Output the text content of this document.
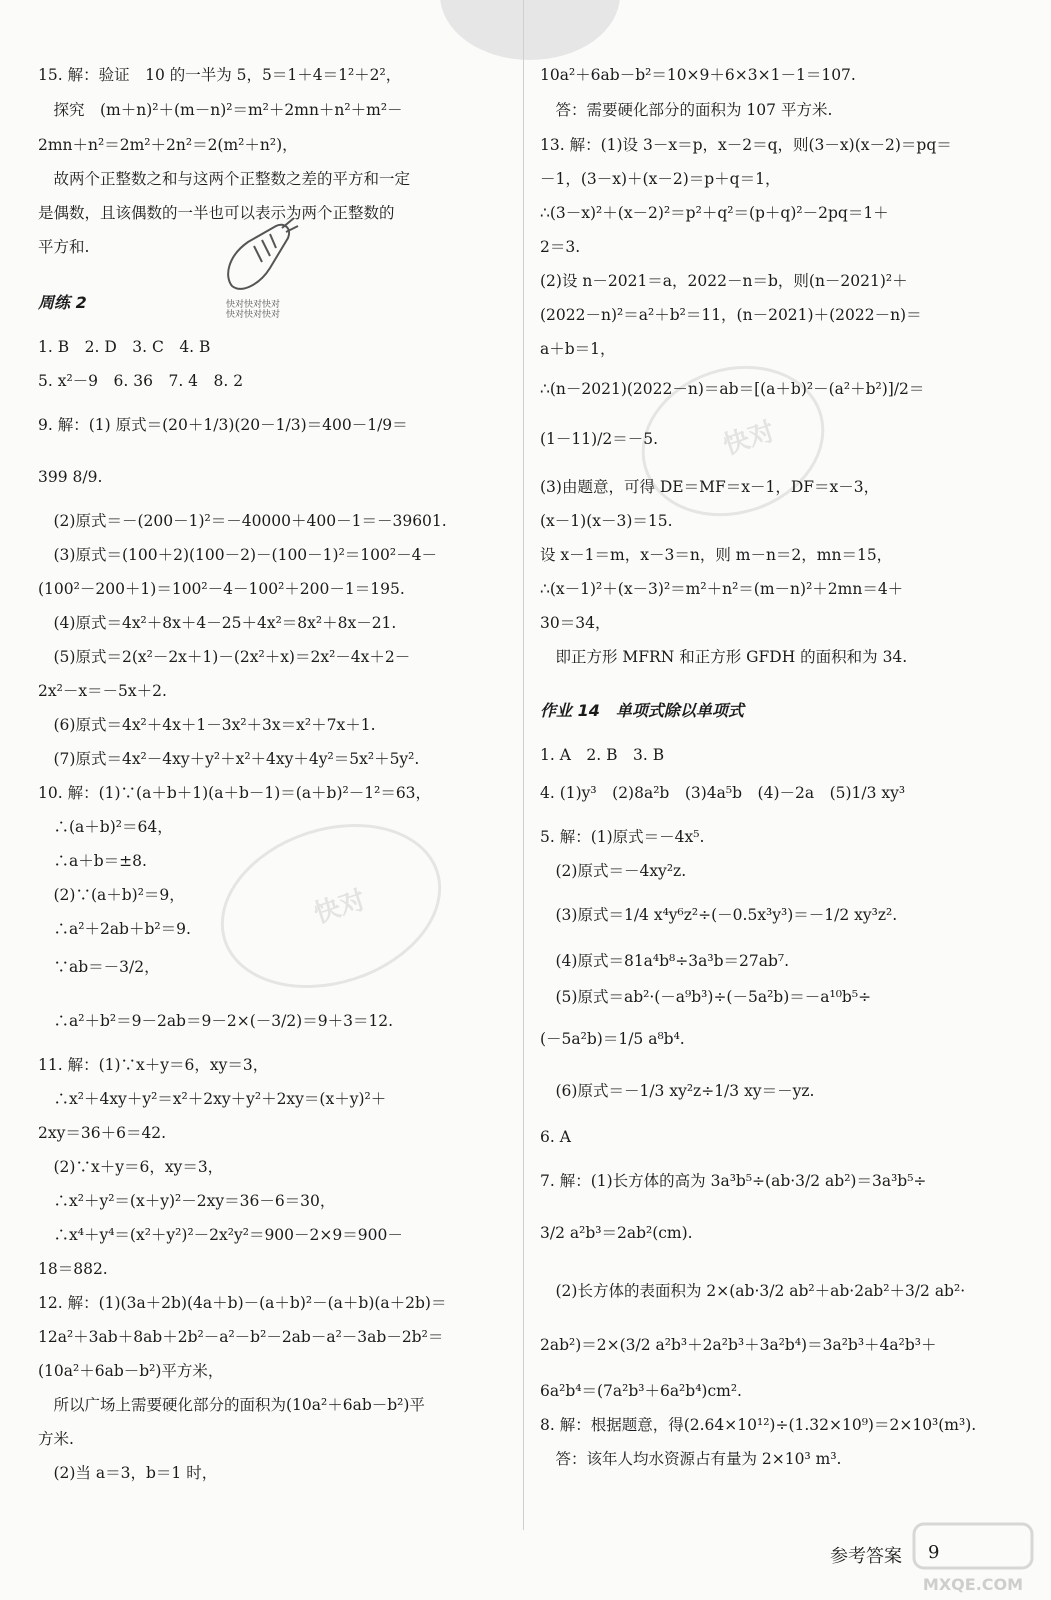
快对
快对
快对快对快对
快对快对快对
15. 解：验证　10 的一半为 5，5＝1＋4＝1²＋2²，
　探究　(m＋n)²＋(m－n)²＝m²＋2mn＋n²＋m²－
2mn＋n²＝2m²＋2n²＝2(m²＋n²)，
　故两个正整数之和与这两个正整数之差的平方和一定
是偶数，且该偶数的一半也可以表示为两个正整数的
平方和.
周练 2
1. B　2. D　3. C　4. B
5. x²－9　6. 36　7. 4　8. 2
9. 解：(1) 原式＝(20＋1/3)(20－1/3)＝400－1/9＝
399 8/9.
　(2)原式＝－(200－1)²＝－40000＋400－1＝－39601.
　(3)原式＝(100＋2)(100－2)－(100－1)²＝100²－4－
(100²－200＋1)＝100²－4－100²＋200－1＝195.
　(4)原式＝4x²＋8x＋4－25＋4x²＝8x²＋8x－21.
　(5)原式＝2(x²－2x＋1)－(2x²＋x)＝2x²－4x＋2－
2x²－x＝－5x＋2.
　(6)原式＝4x²＋4x＋1－3x²＋3x＝x²＋7x＋1.
　(7)原式＝4x²－4xy＋y²＋x²＋4xy＋4y²＝5x²＋5y².
10. 解：(1)∵(a＋b＋1)(a＋b－1)＝(a＋b)²－1²＝63，
　∴(a＋b)²＝64，
　∴a＋b＝±8.
　(2)∵(a＋b)²＝9，
　∴a²＋2ab＋b²＝9.
　∵ab＝－3/2，
　∴a²＋b²＝9－2ab＝9－2×(－3/2)＝9＋3＝12.
11. 解：(1)∵x＋y＝6，xy＝3，
　∴x²＋4xy＋y²＝x²＋2xy＋y²＋2xy＝(x＋y)²＋
2xy＝36＋6＝42.
　(2)∵x＋y＝6，xy＝3，
　∴x²＋y²＝(x＋y)²－2xy＝36－6＝30，
　∴x⁴＋y⁴＝(x²＋y²)²－2x²y²＝900－2×9＝900－
18＝882.
12. 解：(1)(3a＋2b)(4a＋b)－(a＋b)²－(a＋b)(a＋2b)＝
12a²＋3ab＋8ab＋2b²－a²－b²－2ab－a²－3ab－2b²＝
(10a²＋6ab－b²)平方米，
　所以广场上需要硬化部分的面积为(10a²＋6ab－b²)平
方米.
　(2)当 a＝3，b＝1 时，
10a²＋6ab－b²＝10×9＋6×3×1－1＝107.
　答：需要硬化部分的面积为 107 平方米.
13. 解：(1)设 3－x＝p，x－2＝q，则(3－x)(x－2)＝pq＝
－1，(3－x)＋(x－2)＝p＋q＝1，
∴(3－x)²＋(x－2)²＝p²＋q²＝(p＋q)²－2pq＝1＋
2＝3.
(2)设 n－2021＝a，2022－n＝b，则(n－2021)²＋
(2022－n)²＝a²＋b²＝11，(n－2021)＋(2022－n)＝
a＋b＝1，
∴(n－2021)(2022－n)＝ab＝[(a＋b)²－(a²＋b²)]/2＝
(1－11)/2＝－5.
(3)由题意，可得 DE＝MF＝x－1，DF＝x－3，
(x－1)(x－3)＝15.
设 x－1＝m，x－3＝n，则 m－n＝2，mn＝15，
∴(x－1)²＋(x－3)²＝m²＋n²＝(m－n)²＋2mn＝4＋
30＝34，
　即正方形 MFRN 和正方形 GFDH 的面积和为 34.
作业 14　单项式除以单项式
1. A　2. B　3. B
4. (1)y³　(2)8a²b　(3)4a⁵b　(4)－2a　(5)1/3 xy³
5. 解：(1)原式＝－4x⁵.
　(2)原式＝－4xy²z.
　(3)原式＝1/4 x⁴y⁶z²÷(－0.5x³y³)＝－1/2 xy³z².
　(4)原式＝81a⁴b⁸÷3a³b＝27ab⁷.
　(5)原式＝ab²·(－a⁹b³)÷(－5a²b)＝－a¹⁰b⁵÷
(－5a²b)＝1/5 a⁸b⁴.
　(6)原式＝－1/3 xy²z÷1/3 xy＝－yz.
6. A
7. 解：(1)长方体的高为 3a³b⁵÷(ab·3/2 ab²)＝3a³b⁵÷
3/2 a²b³＝2ab²(cm).
　(2)长方体的表面积为 2×(ab·3/2 ab²＋ab·2ab²＋3/2 ab²·
2ab²)＝2×(3/2 a²b³＋2a²b³＋3a²b⁴)＝3a²b³＋4a²b³＋
6a²b⁴＝(7a²b³＋6a²b⁴)cm².
8. 解：根据题意，得(2.64×10¹²)÷(1.32×10⁹)＝2×10³(m³).
　答：该年人均水资源占有量为 2×10³ m³.
参考答案 9
MXQE.COM
